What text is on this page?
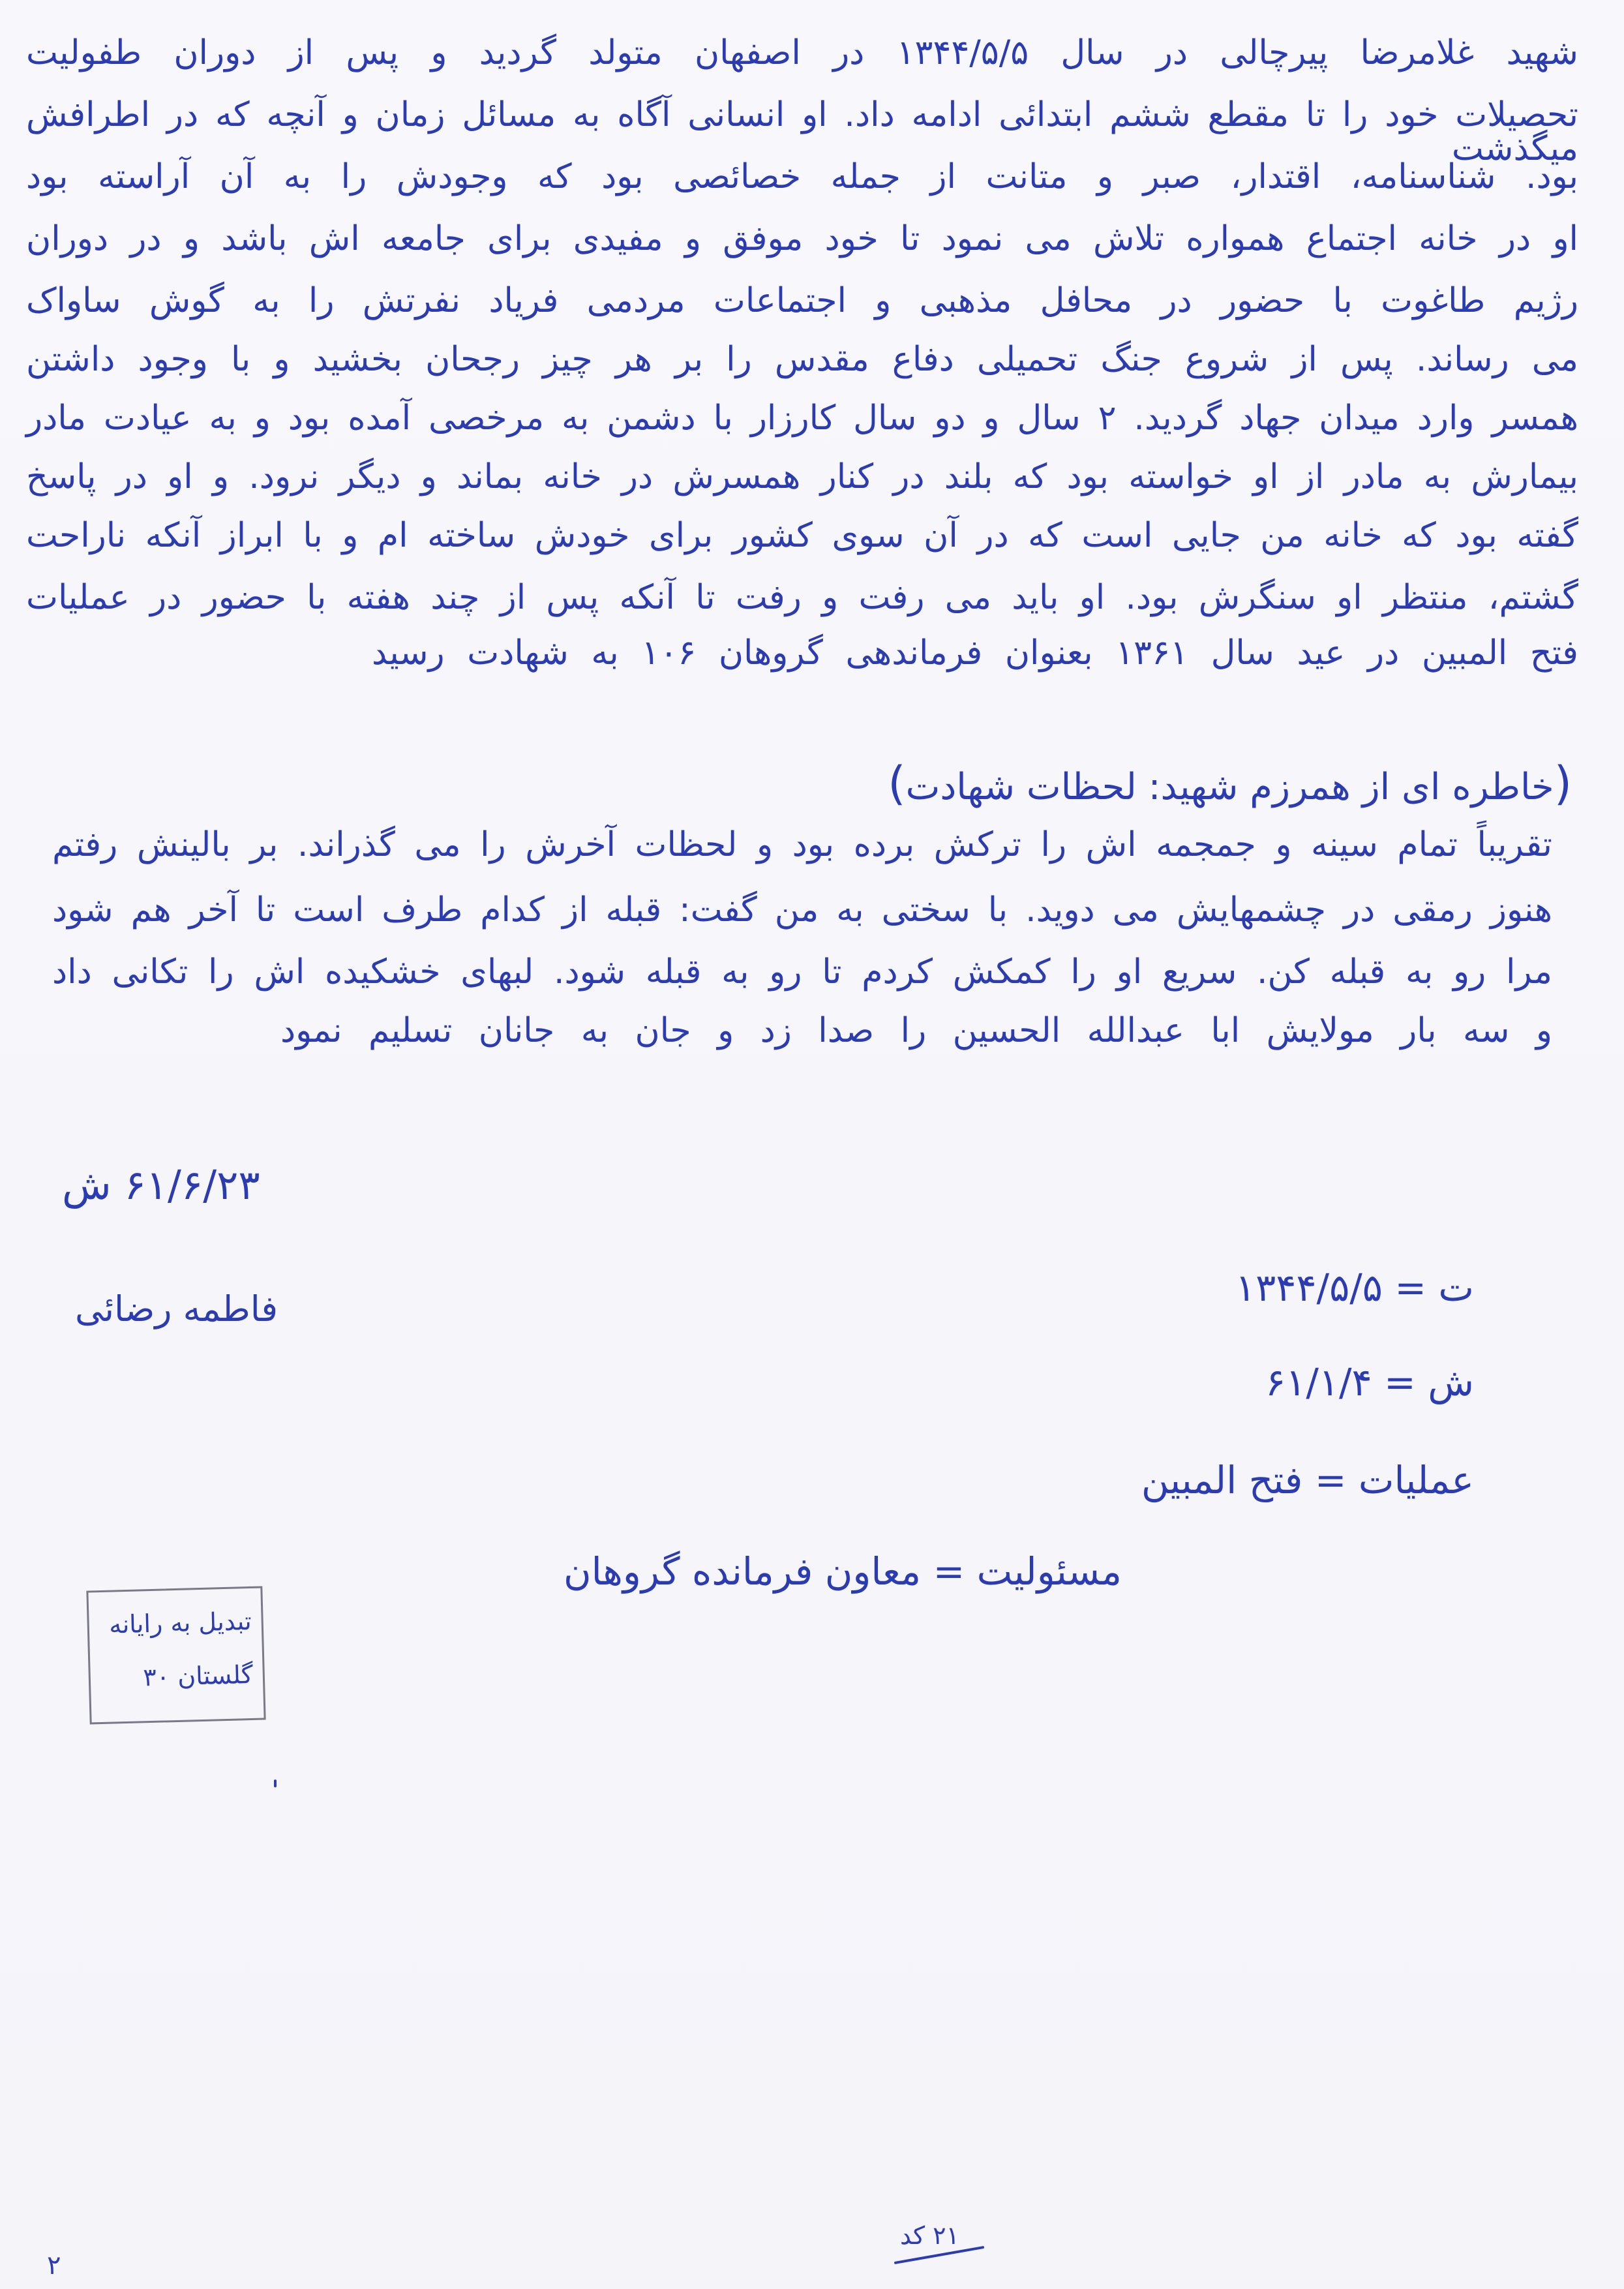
شهید غلامرضا پیرچالی در سال ۱۳۴۴/۵/۵ در اصفهان متولد گردید و پس از دوران طفولیت
تحصیلات خود را تا مقطع ششم ابتدائی ادامه داد. او انسانی آگاه به مسائل زمان و آنچه که در اطرافش میگذشت
بود. شناسنامه، اقتدار، صبر و متانت از جمله خصائصی بود که وجودش را به آن آراسته بود
او در خانه اجتماع همواره تلاش می نمود تا خود موفق و مفیدی برای جامعه اش باشد و در دوران
رژیم طاغوت با حضور در محافل مذهبی و اجتماعات مردمی فریاد نفرتش را به گوش ساواک
می رساند. پس از شروع جنگ تحمیلی دفاع مقدس را بر هر چیز رجحان بخشید و با وجود داشتن
همسر وارد میدان جهاد گردید. ۲ سال و دو سال کارزار با دشمن به مرخصی آمده بود و به عیادت مادر
بیمارش به مادر از او خواسته بود که بلند در کنار همسرش در خانه بماند و دیگر نرود. و او در پاسخ
گفته بود که خانه من جایی است که در آن سوی کشور برای خودش ساخته ام و با ابراز آنکه ناراحت
گشتم، منتظر او سنگرش بود. او باید می رفت و رفت تا آنکه پس از چند هفته با حضور در عملیات
فتح المبین در عید سال ۱۳۶۱ بعنوان فرماندهی گروهان ۱۰۶ به شهادت رسید
(خاطره ای از همرزم شهید: لحظات شهادت)
تقریباً تمام سینه و جمجمه اش را ترکش برده بود و لحظات آخرش را می گذراند. بر بالینش رفتم
هنوز رمقی در چشمهایش می دوید. با سختی به من گفت: قبله از کدام طرف است تا آخر هم شود
مرا رو به قبله کن. سریع او را کمکش کردم تا رو به قبله شود. لبهای خشکیده اش را تکانی داد
و سه بار مولایش ابا عبدالله الحسین را صدا زد و جان به جانان تسلیم نمود
۶۱/۶/۲۳ ش
فاطمه رضائی	ت = ۱۳۴۴/۵/۵
ش = ۶۱/۱/۴
عملیات = فتح المبین
مسئولیت = معاون فرمانده گروهان
تبدیل به رایانه
گلستان ۳۰
۲۱ کد
۲
